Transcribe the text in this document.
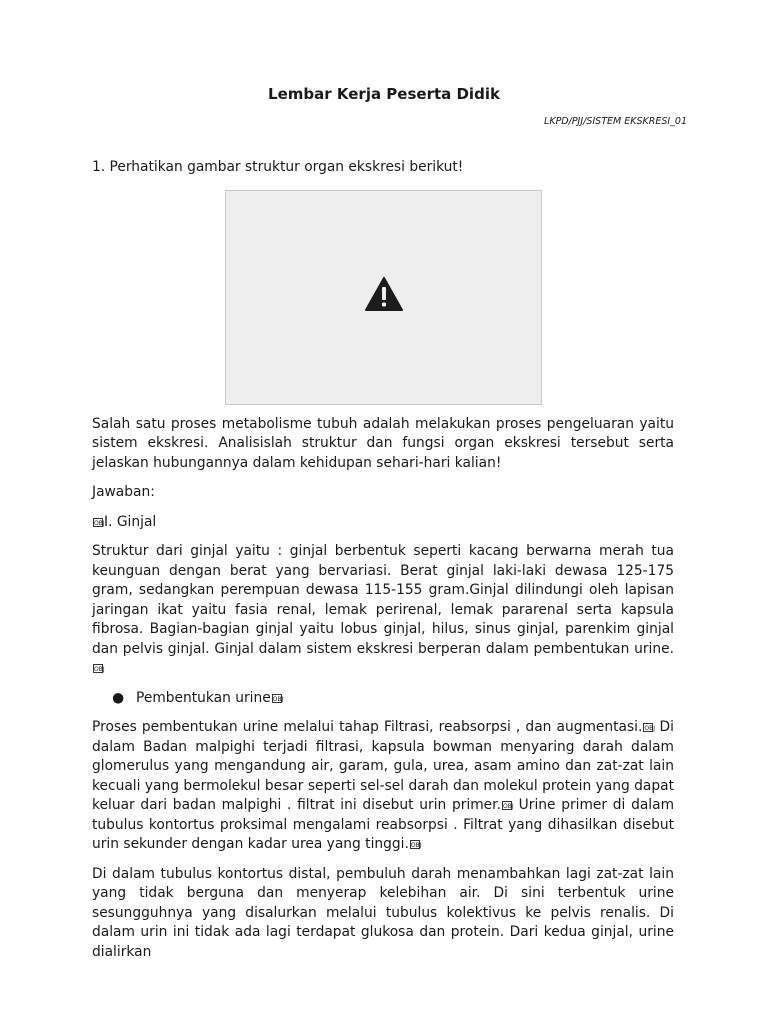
Lembar Kerja Peserta Didik
LKPD/PJJ/SISTEM EKSKRESI_01

1. Perhatikan gambar struktur organ ekskresi berikut!

Salah satu proses metabolisme tubuh adalah melakukan proses pengeluaran yaitu sistem ekskresi. Analisislah struktur dan fungsi organ ekskresi tersebut serta jelaskan hubungannya dalam kehidupan sehari-hari kalian!

Jawaban:

OBJI. Ginjal

Struktur dari ginjal yaitu : ginjal berbentuk seperti kacang berwarna merah tua keunguan dengan berat yang bervariasi. Berat ginjal laki-laki dewasa 125-175 gram, sedangkan perempuan dewasa 115-155 gram.Ginjal dilindungi oleh lapisan jaringan ikat yaitu fasia renal, lemak perirenal, lemak pararenal serta kapsula fibrosa. Bagian-bagian ginjal yaitu lobus ginjal, hilus, sinus ginjal, parenkim ginjal dan pelvis ginjal. Ginjal dalam sistem ekskresi berperan dalam pembentukan urine. OBJ

● Pembentukan urine OBJ

Proses pembentukan urine melalui tahap Filtrasi, reabsorpsi , dan augmentasi. OBJ Di dalam Badan malpighi terjadi filtrasi, kapsula bowman menyaring darah dalam glomerulus yang mengandung air, garam, gula, urea, asam amino dan zat-zat lain kecuali yang bermolekul besar seperti sel-sel darah dan molekul protein yang dapat keluar dari badan malpighi . filtrat ini disebut urin primer. OBJ Urine primer di dalam tubulus kontortus proksimal mengalami reabsorpsi . Filtrat yang dihasilkan disebut urin sekunder dengan kadar urea yang tinggi. OBJ

Di dalam tubulus kontortus distal, pembuluh darah menambahkan lagi zat-zat lain yang tidak berguna dan menyerap kelebihan air. Di sini terbentuk urine sesungguhnya yang disalurkan melalui tubulus kolektivus ke pelvis renalis. Di dalam urin ini tidak ada lagi terdapat glukosa dan protein. Dari kedua ginjal, urine dialirkan
